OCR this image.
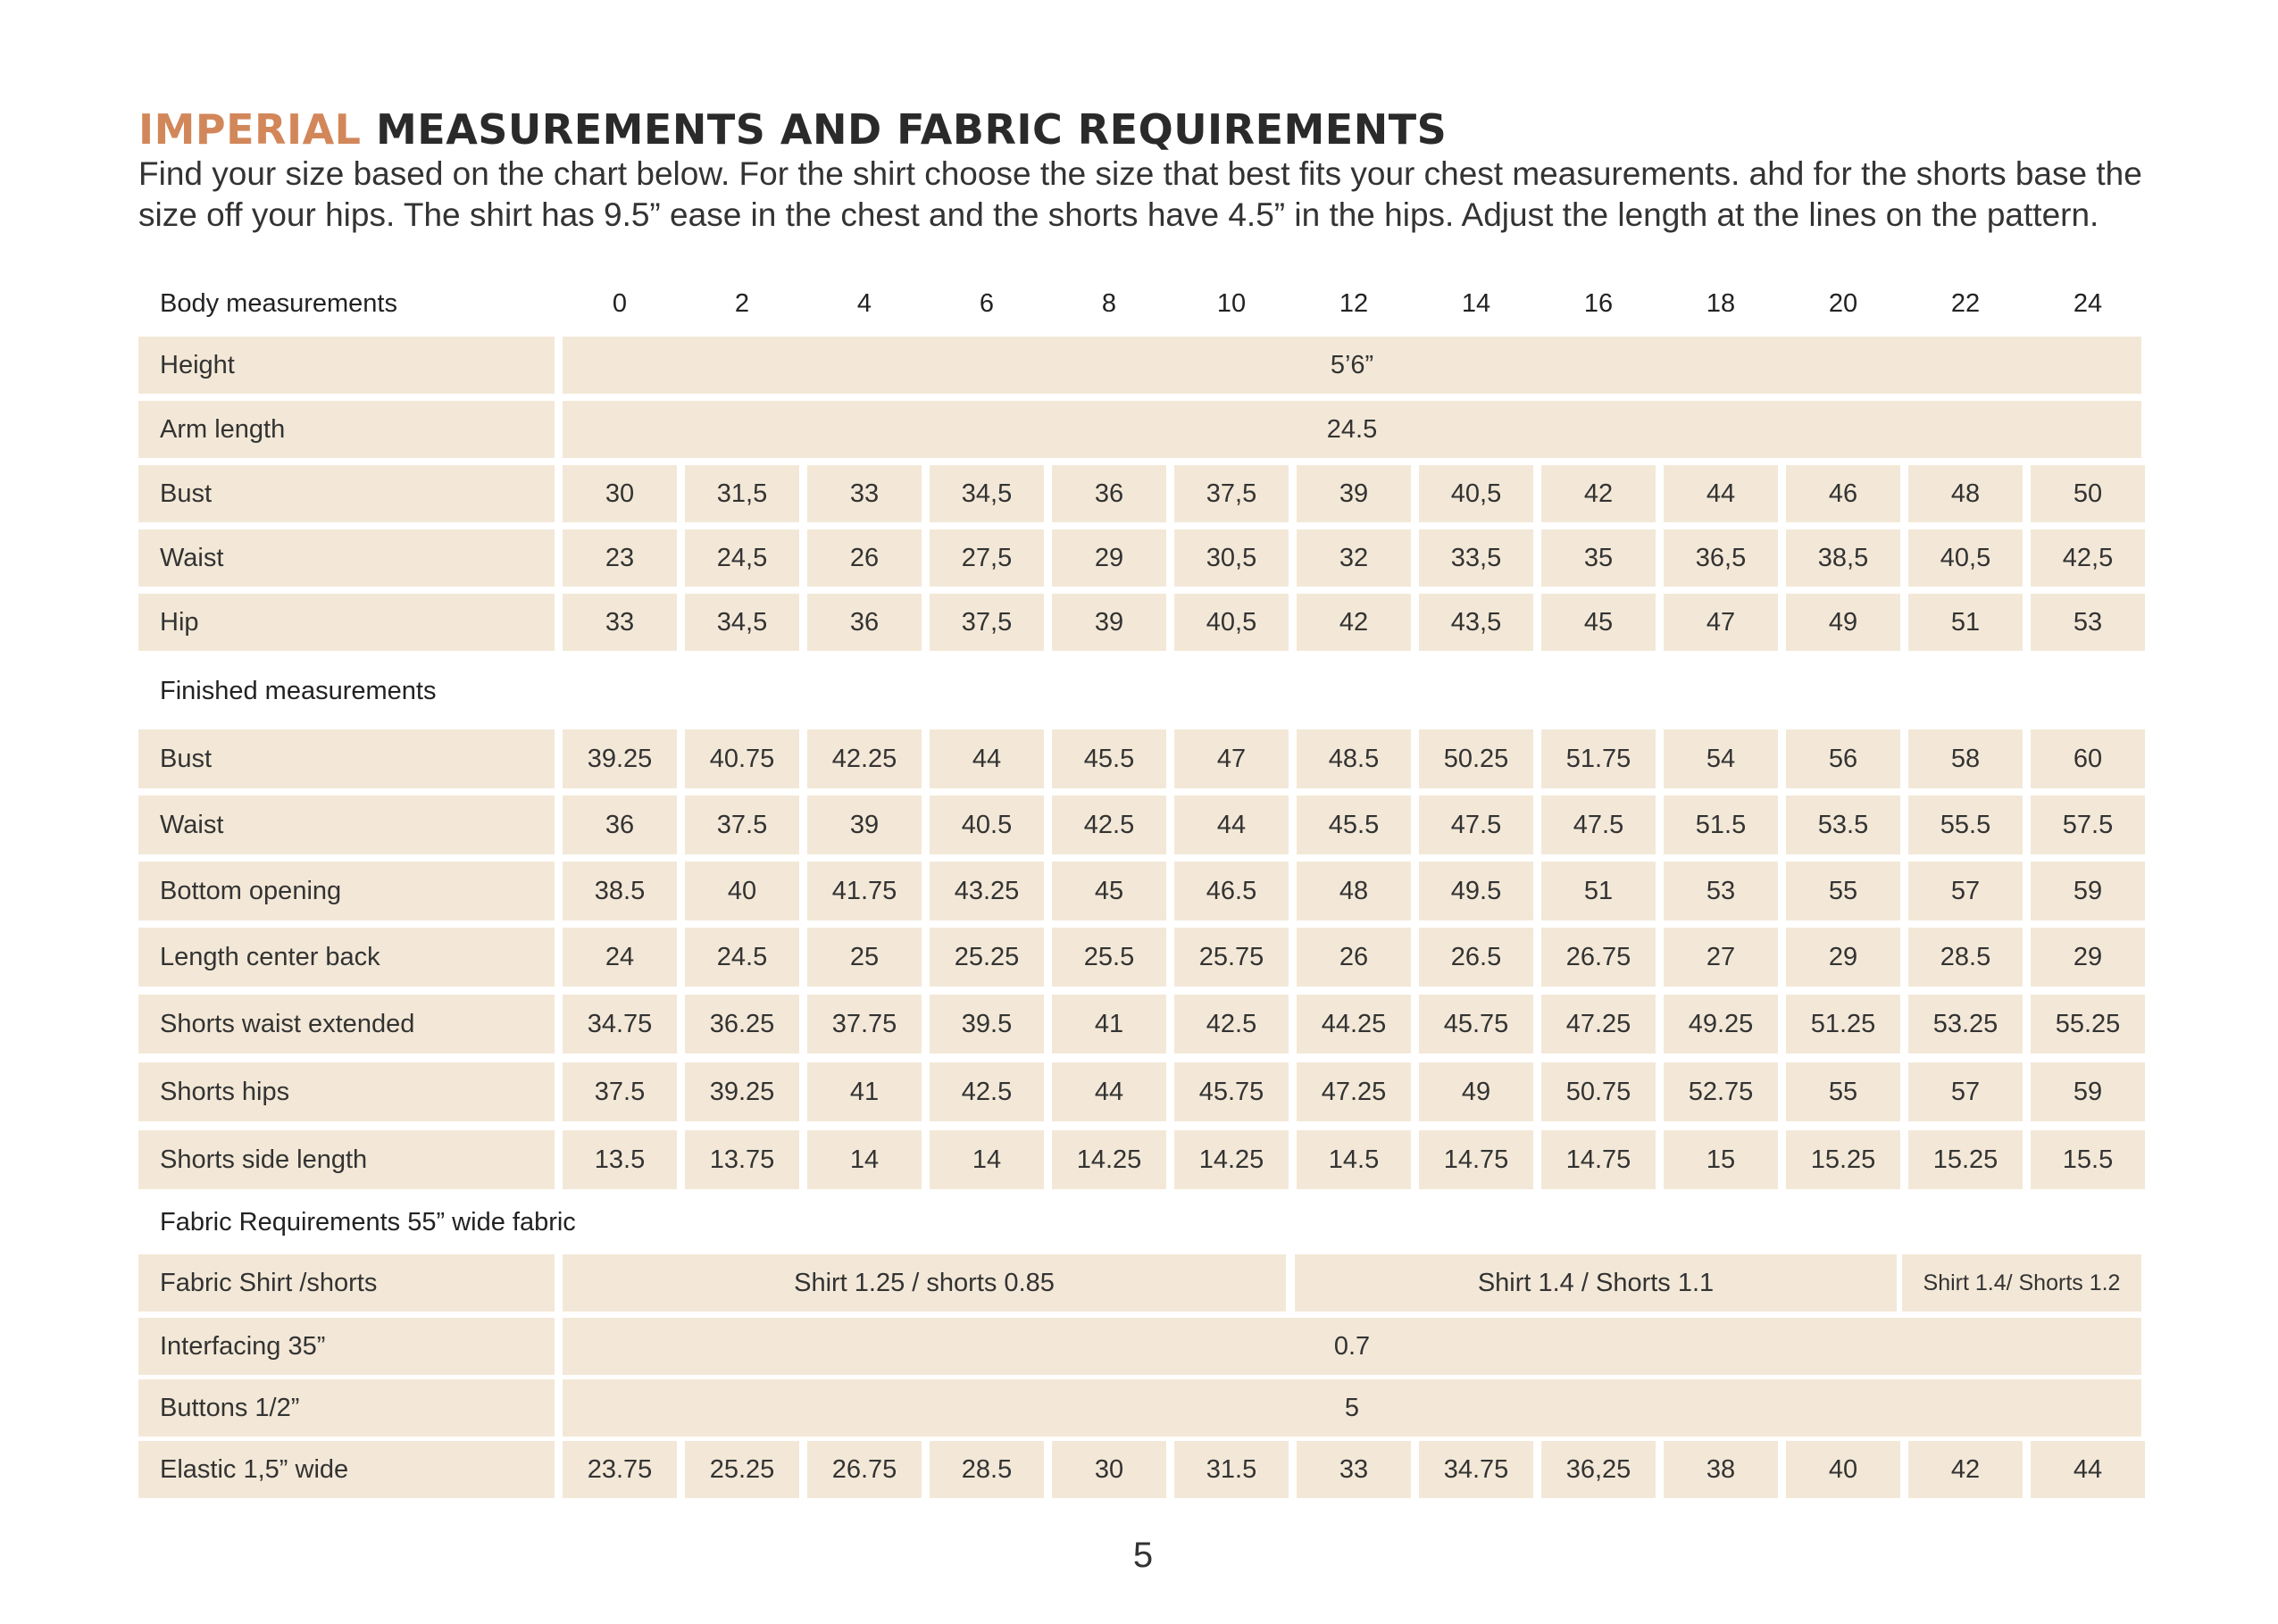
IMPERIAL MEASUREMENTS AND FABRIC REQUIREMENTS

Find your size based on the chart below. For the shirt choose the size that best fits your chest measurements. ahd for the shorts base the size off your hips. The shirt has 9.5” ease in the chest and the shorts have 4.5” in the hips. Adjust the length at the lines on the pattern.

Body measurements	0	2	4	6	8	10	12	14	16	18	20	22	24
Finished measurements
Fabric Requirements 55” wide fabric
Height	5’6”
Arm length	24.5
Bust	30	31,5	33	34,5	36	37,5	39	40,5	42	44	46	48	50
Waist	23	24,5	26	27,5	29	30,5	32	33,5	35	36,5	38,5	40,5	42,5
Hip	33	34,5	36	37,5	39	40,5	42	43,5	45	47	49	51	53
Bust	39.25	40.75	42.25	44	45.5	47	48.5	50.25	51.75	54	56	58	60
Waist	36	37.5	39	40.5	42.5	44	45.5	47.5	47.5	51.5	53.5	55.5	57.5
Bottom opening	38.5	40	41.75	43.25	45	46.5	48	49.5	51	53	55	57	59
Length center back	24	24.5	25	25.25	25.5	25.75	26	26.5	26.75	27	29	28.5	29
Shorts waist extended	34.75	36.25	37.75	39.5	41	42.5	44.25	45.75	47.25	49.25	51.25	53.25	55.25
Shorts hips	37.5	39.25	41	42.5	44	45.75	47.25	49	50.75	52.75	55	57	59
Shorts side length	13.5	13.75	14	14	14.25	14.25	14.5	14.75	14.75	15	15.25	15.25	15.5
Fabric Shirt /shorts	Shirt 1.25 / shorts 0.85	Shirt 1.4 / Shorts 1.1	Shirt 1.4/ Shorts 1.2
Interfacing 35”	0.7
Buttons 1/2”	5
Elastic 1,5” wide	23.75	25.25	26.75	28.5	30	31.5	33	34.75	36,25	38	40	42	44
5
